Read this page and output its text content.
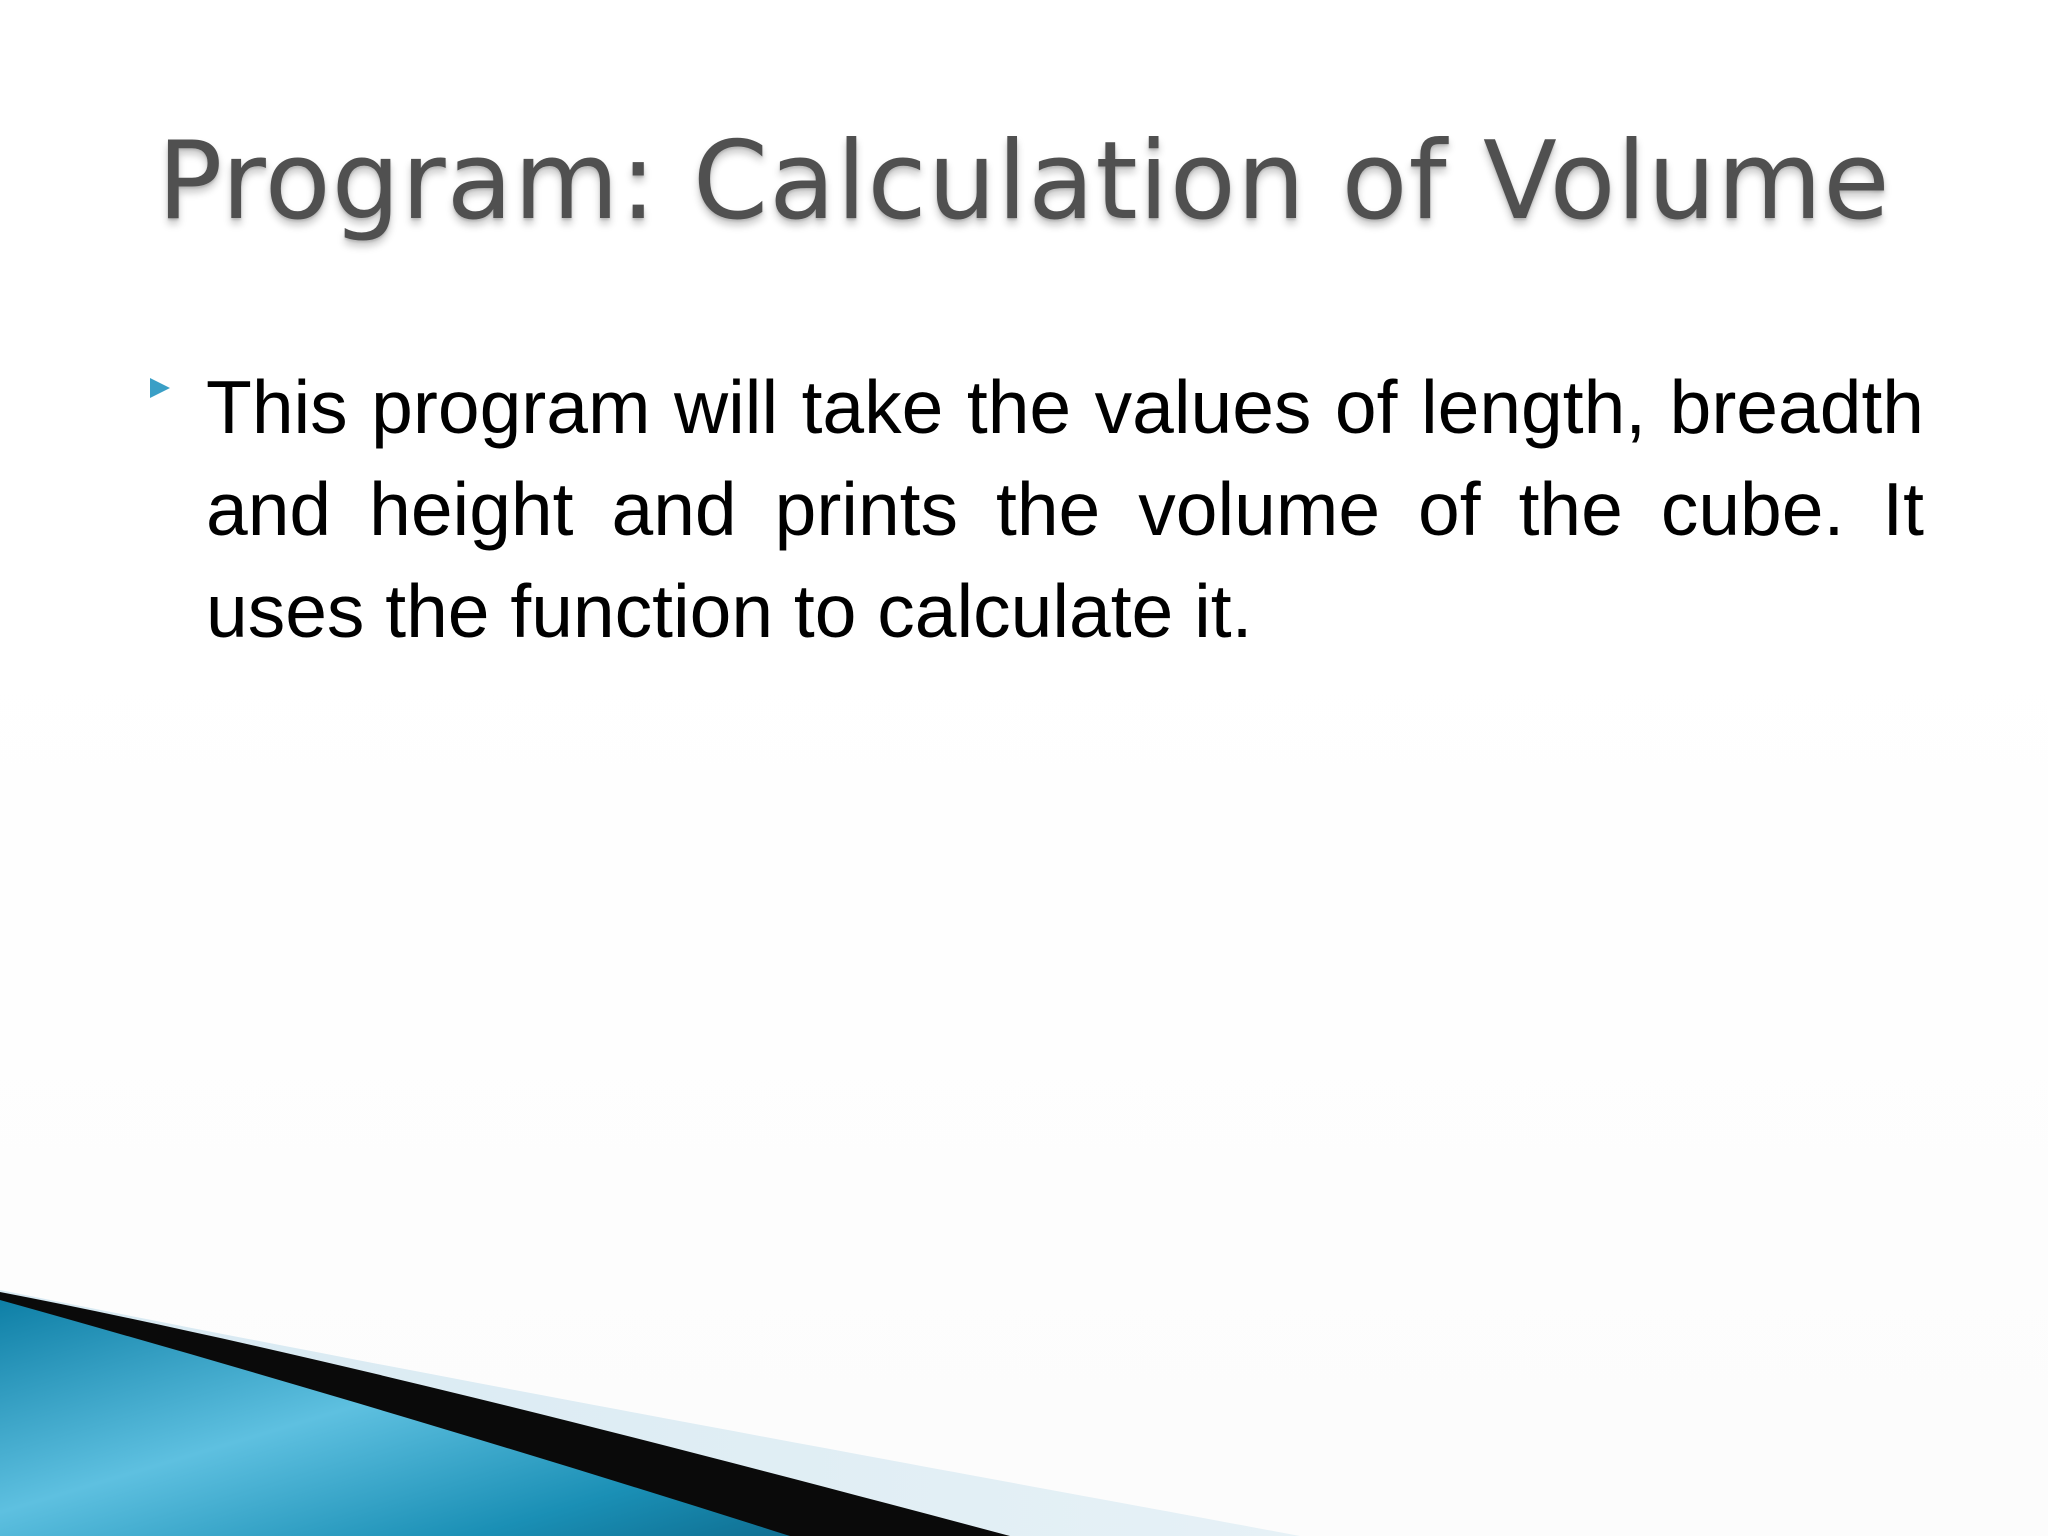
Program: Calculation of Volume

This program will take the values of length, breadth and height and prints the volume of the cube. It uses the function to calculate it.
